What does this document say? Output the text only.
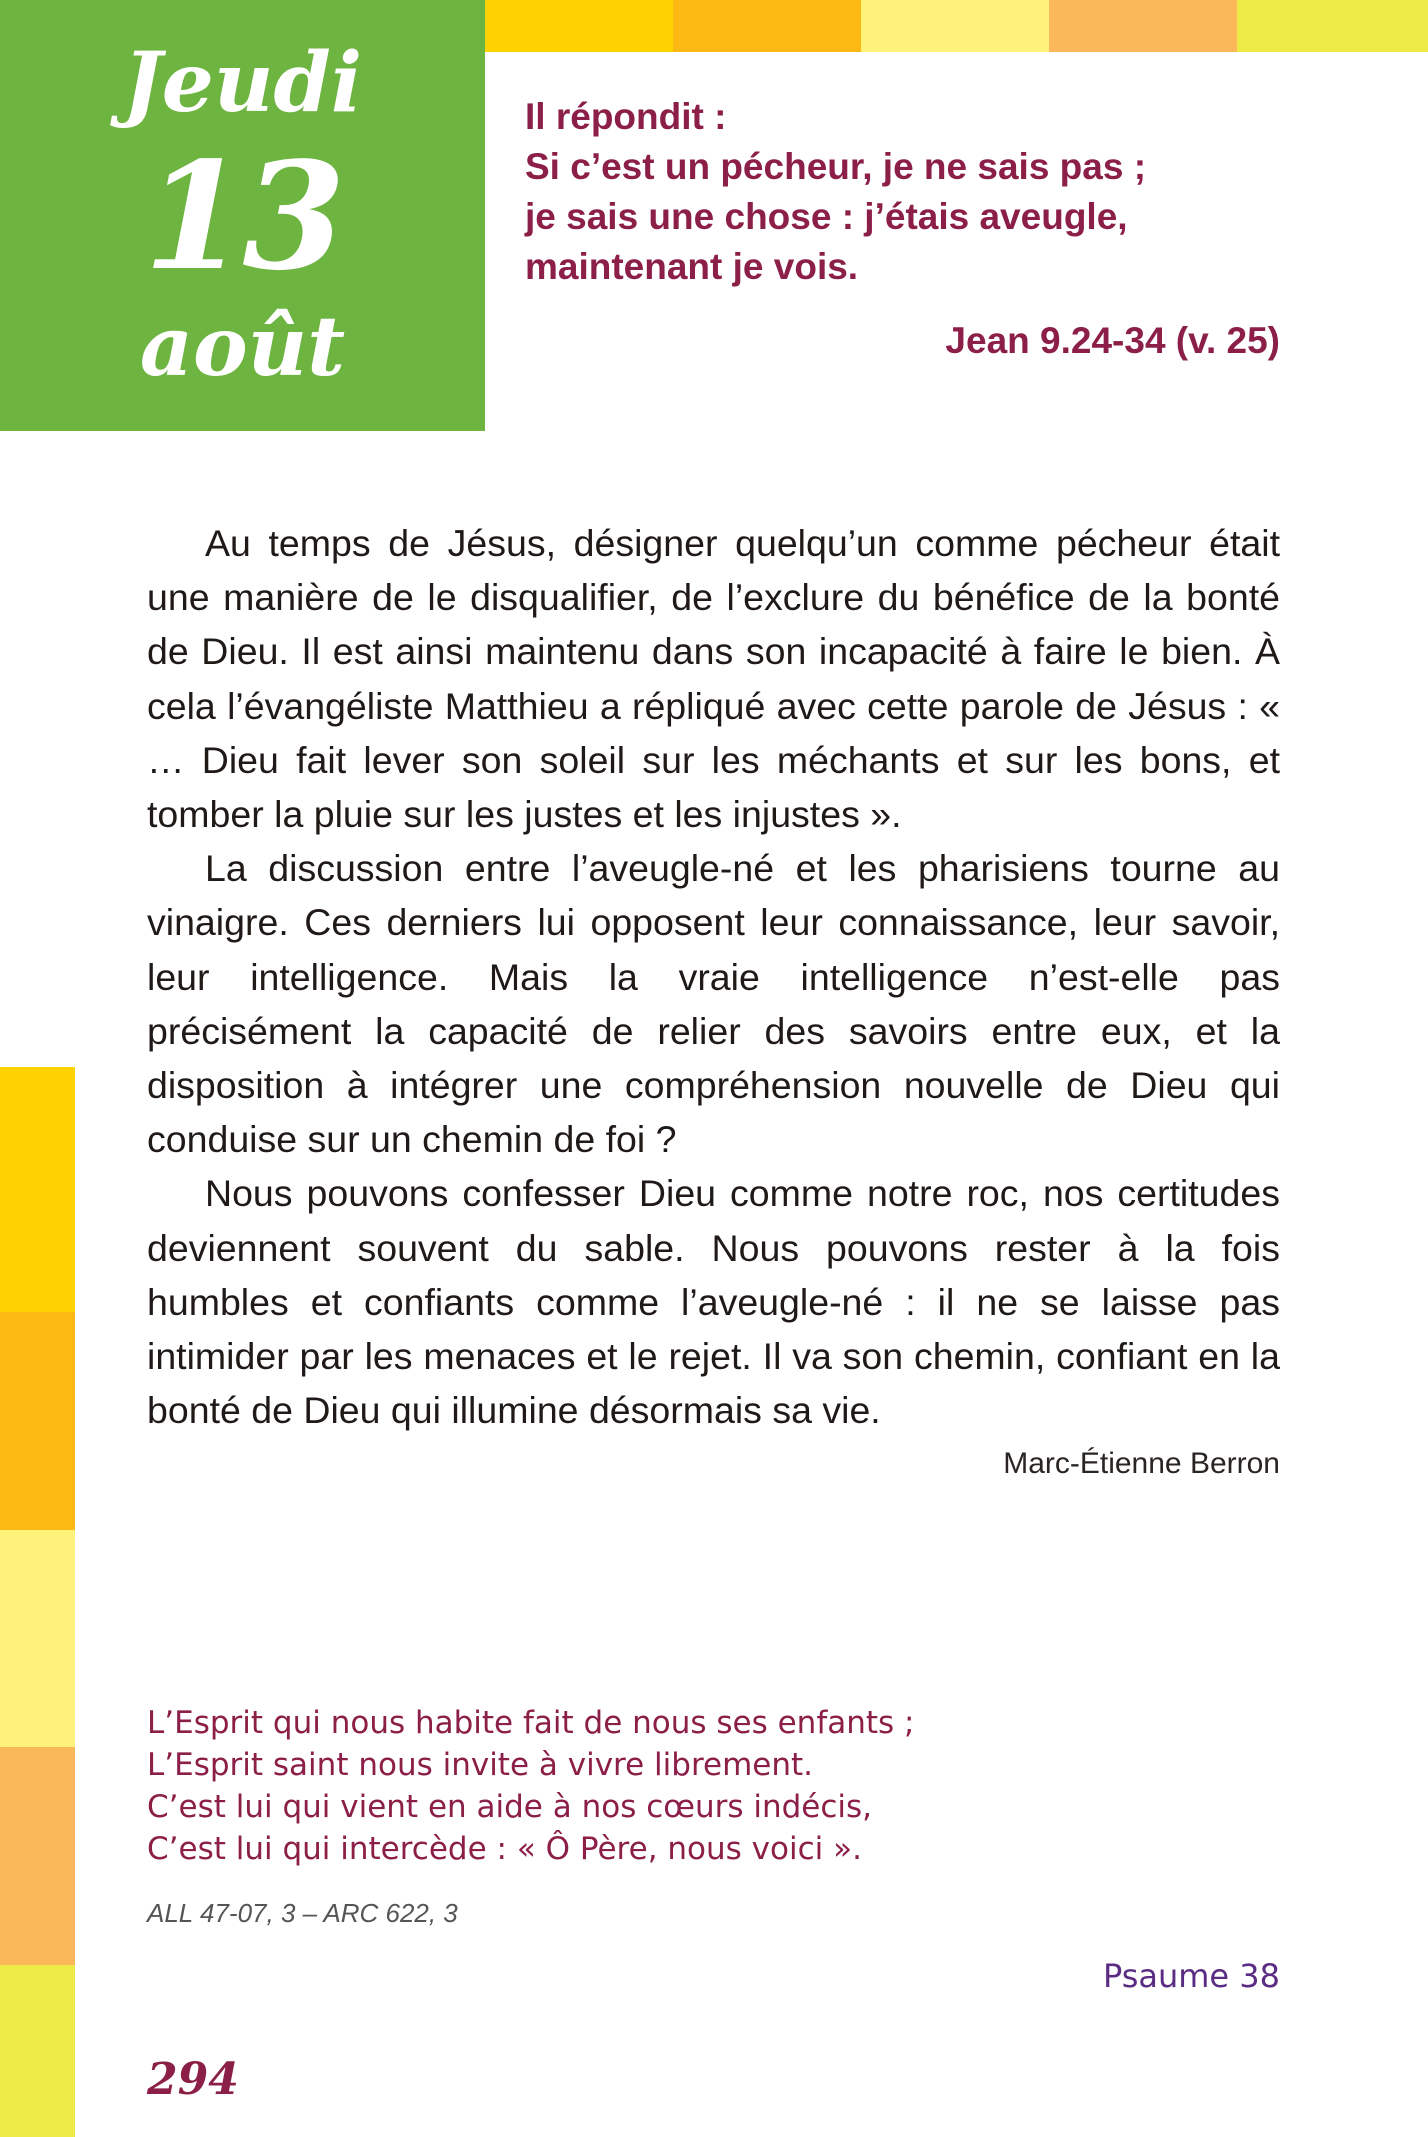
Jeudi
13
août
Il répondit :
Si c’est un pécheur, je ne sais pas ;
je sais une chose : j’étais aveugle,
maintenant je vois.
Jean 9.24-34 (v. 25)

Au temps de Jésus, désigner quelqu’un comme pécheur était une manière de le disqualifier, de l’exclure du bénéfice de la bonté de Dieu. Il est ainsi maintenu dans son incapacité à faire le bien. À cela l’évangéliste Matthieu a répliqué avec cette parole de Jésus : « … Dieu fait lever son soleil sur les méchants et sur les bons, et tomber la pluie sur les justes et les injustes ».

La discussion entre l’aveugle-né et les pharisiens tourne au vinaigre. Ces derniers lui opposent leur connaissance, leur savoir, leur intelligence. Mais la vraie intelligence n’est-elle pas précisément la capacité de relier des savoirs entre eux, et la disposition à intégrer une compréhension nouvelle de Dieu qui conduise sur un chemin de foi ?

Nous pouvons confesser Dieu comme notre roc, nos certitudes deviennent souvent du sable. Nous pouvons rester à la fois humbles et confiants comme l’aveugle-né : il ne se laisse pas intimider par les menaces et le rejet. Il va son chemin, confiant en la bonté de Dieu qui illumine désormais sa vie.

Marc-Étienne Berron
L’Esprit qui nous habite fait de nous ses enfants ;
L’Esprit saint nous invite à vivre librement.
C’est lui qui vient en aide à nos cœurs indécis,
C’est lui qui intercède : « Ô Père, nous voici ».
ALL 47-07, 3 – ARC 622, 3
Psaume 38
294
